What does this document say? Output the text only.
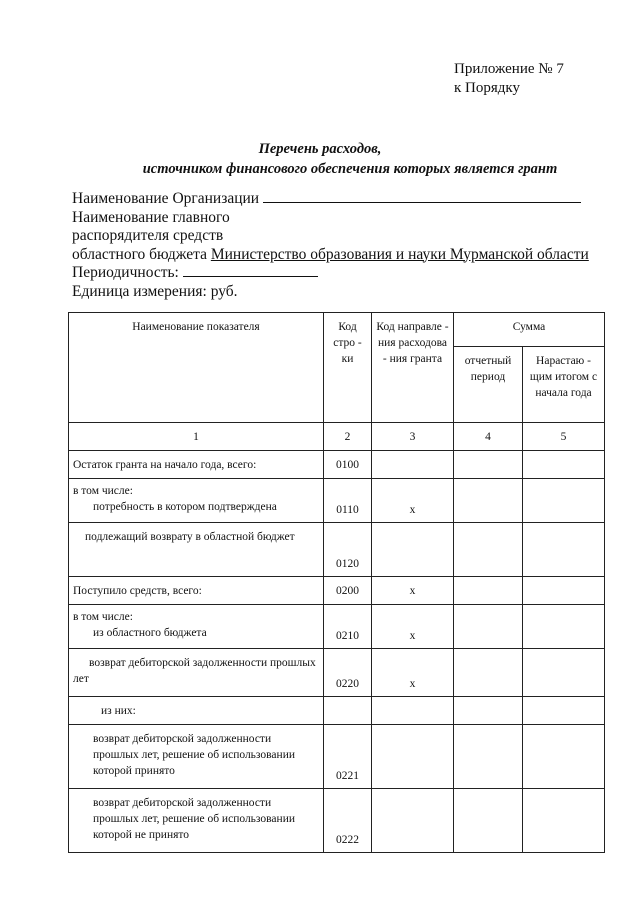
Приложение № 7
к Порядку
Перечень расходов,
источником финансового обеспечения которых является грант
Наименование Организации
Наименование главного
распорядителя средств
областного бюджета Министерство образования и науки Мурманской области
Периодичность:
Единица измерения: руб.
Наименование показателя	Код стро - ки	Код направле - ния расходова - ния гранта	Сумма	
			отчетный период	Нарастаю - щим итогом с начала года
1	2	3	4	5
Остаток гранта на начало года, всего:	0100			

в том числе:
потребность в котором подтверждена	0110	x		

подлежащий возврату в областной бюджет	0120			
Поступило средств, всего:	0200	x		

в том числе:
из областного бюджета	0210	x		

возврат дебиторской задолженности прошлых лет	0220	x		
из них:				
возврат дебиторской задолженности прошлых лет, решение об использовании которой принято	0221			
возврат дебиторской задолженности прошлых лет, решение об использовании которой не принято	0222			
